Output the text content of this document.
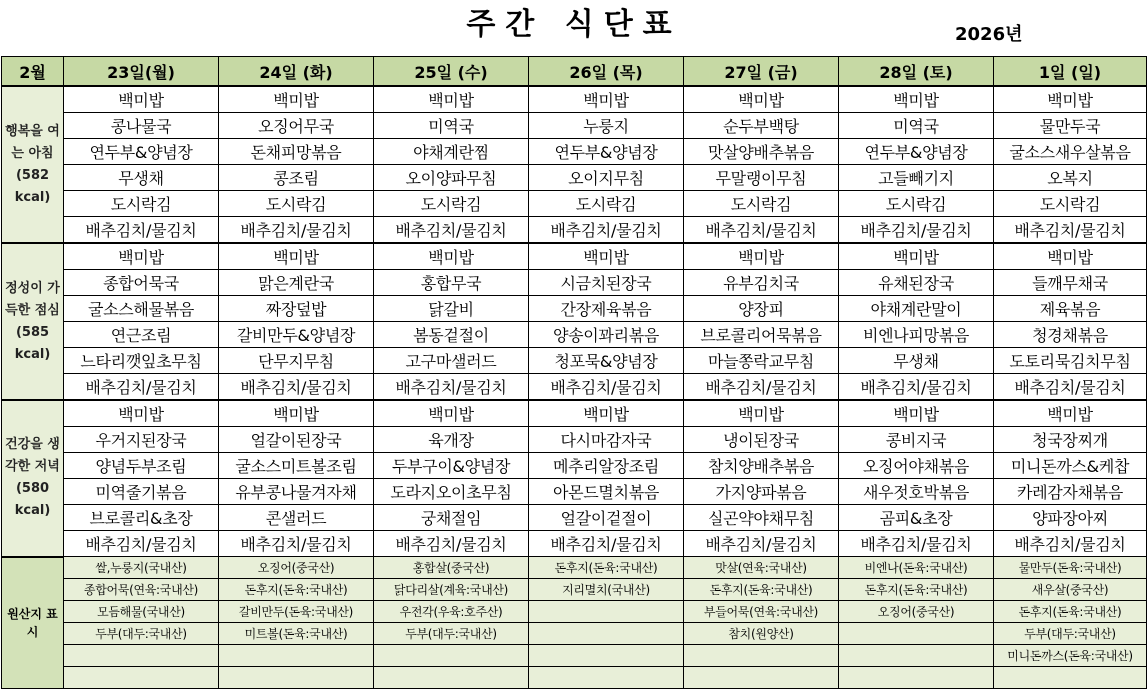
주간 식단표	2026년
2월	23일(월)	24일 (화)	25일 (수)	26일 (목)	27일 (금)	28일 (토)	1일 (일)
행복을 여는 아침 (582 kcal)	백미밥	백미밥	백미밥	백미밥	백미밥	백미밥	백미밥
	콩나물국	오징어무국	미역국	누룽지	순두부백탕	미역국	물만두국
	연두부&양념장	돈채피망볶음	야채계란찜	연두부&양념장	맛살양배추볶음	연두부&양념장	굴소스새우살볶음
	무생채	콩조림	오이양파무침	오이지무침	무말랭이무침	고들빼기지	오복지
	도시락김	도시락김	도시락김	도시락김	도시락김	도시락김	도시락김
	배추김치/물김치	배추김치/물김치	배추김치/물김치	배추김치/물김치	배추김치/물김치	배추김치/물김치	배추김치/물김치
정성이 가득한 점심 (585 kcal)	백미밥	백미밥	백미밥	백미밥	백미밥	백미밥	백미밥
	종합어묵국	맑은계란국	홍합무국	시금치된장국	유부김치국	유채된장국	들깨무채국
	굴소스해물볶음	짜장덮밥	닭갈비	간장제육볶음	양장피	야채계란말이	제육볶음
	연근조림	갈비만두&양념장	봄동겉절이	양송이꽈리볶음	브로콜리어묵볶음	비엔나피망볶음	청경채볶음
	느타리깻잎초무침	단무지무침	고구마샐러드	청포묵&양념장	마늘쫑락교무침	무생채	도토리묵김치무침
	배추김치/물김치	배추김치/물김치	배추김치/물김치	배추김치/물김치	배추김치/물김치	배추김치/물김치	배추김치/물김치
건강을 생각한 저녁 (580 kcal)	백미밥	백미밥	백미밥	백미밥	백미밥	백미밥	백미밥
	우거지된장국	얼갈이된장국	육개장	다시마감자국	냉이된장국	콩비지국	청국장찌개
	양념두부조림	굴소스미트볼조림	두부구이&양념장	메추리알장조림	참치양배추볶음	오징어야채볶음	미니돈까스&케찹
	미역줄기볶음	유부콩나물겨자채	도라지오이초무침	아몬드멸치볶음	가지양파볶음	새우젓호박볶음	카레감자채볶음
	브로콜리&초장	콘샐러드	궁채절임	얼갈이겉절이	실곤약야채무침	곰피&초장	양파장아찌
	배추김치/물김치	배추김치/물김치	배추김치/물김치	배추김치/물김치	배추김치/물김치	배추김치/물김치	배추김치/물김치
원산지 표시	쌀,누룽지(국내산)	오징어(중국산)	홍합살(중국산)	돈후지(돈육:국내산)	맛살(연육:국내산)	비엔나(돈육:국내산)	물만두(돈육:국내산)
	종합어묵(연육:국내산)	돈후지(돈육:국내산)	닭다리살(계육:국내산)	지리멸치(국내산)	돈후지(돈육:국내산)	돈후지(돈육:국내산)	새우살(중국산)
	모듬해물(국내산)	갈비만두(돈육:국내산)	우전각(우육:호주산)		부들어묵(연육:국내산)	오징어(중국산)	돈후지(돈육:국내산)
	두부(대두:국내산)	미트볼(돈육:국내산)	두부(대두:국내산)		참치(원양산)		두부(대두:국내산)
							미니돈까스(돈육:국내산)
